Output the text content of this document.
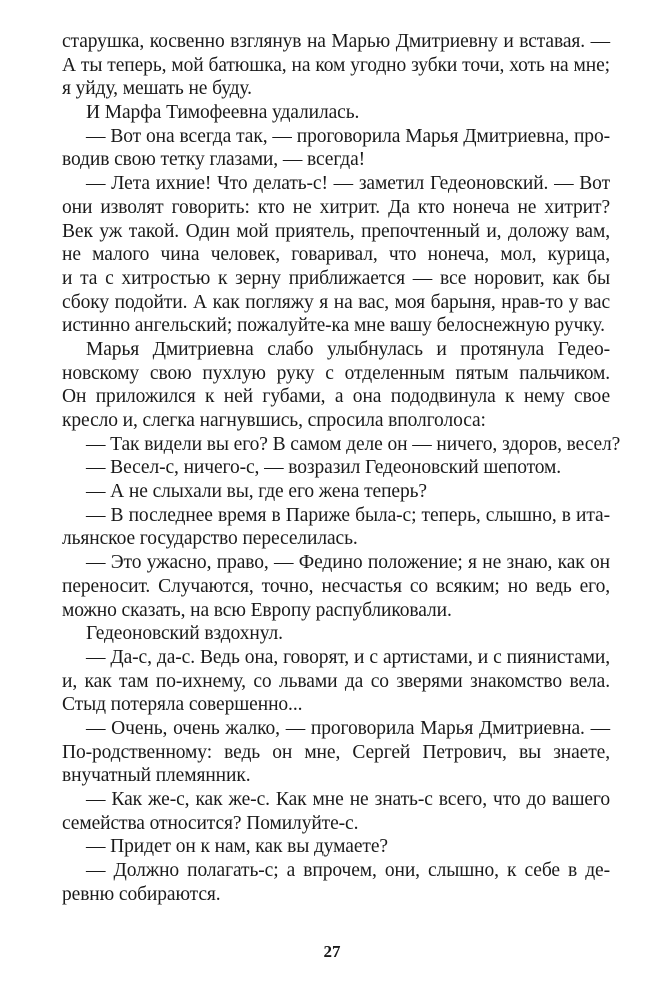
старушка, косвенно взглянув на Марью Дмитриевну и вставая. —
А ты теперь, мой батюшка, на ком угодно зубки точи, хоть на мне;
я уйду, мешать не буду.
И Марфа Тимофеевна удалилась.
— Вот она всегда так, — проговорила Марья Дмитриевна, про-
водив свою тетку глазами, — всегда!
— Лета ихние! Что делать-с! — заметил Гедеоновский. — Вот
они изволят говорить: кто не хитрит. Да кто нонеча не хитрит?
Век уж такой. Один мой приятель, препочтенный и, доложу вам,
не малого чина человек, говаривал, что нонеча, мол, курица,
и та с хитростью к зерну приближается — все норовит, как бы
сбоку подойти. А как погляжу я на вас, моя барыня, нрав-то у вас
истинно ангельский; пожалуйте-ка мне вашу белоснежную ручку.
Марья Дмитриевна слабо улыбнулась и протянула Гедео-
новскому свою пухлую руку с отделенным пятым пальчиком.
Он приложился к ней губами, а она пододвинула к нему свое
кресло и, слегка нагнувшись, спросила вполголоса:
— Так видели вы его? В самом деле он — ничего, здоров, весел?
— Весел-с, ничего-с, — возразил Гедеоновский шепотом.
— А не слыхали вы, где его жена теперь?
— В последнее время в Париже была-с; теперь, слышно, в ита-
льянское государство переселилась.
— Это ужасно, право, — Федино положение; я не знаю, как он
переносит. Случаются, точно, несчастья со всяким; но ведь его,
можно сказать, на всю Европу распубликовали.
Гедеоновский вздохнул.
— Да-с, да-с. Ведь она, говорят, и с артистами, и с пиянистами,
и, как там по-ихнему, со львами да со зверями знакомство вела.
Стыд потеряла совершенно...
— Очень, очень жалко, — проговорила Марья Дмитриевна. —
По-родственному: ведь он мне, Сергей Петрович, вы знаете,
внучатный племянник.
— Как же-с, как же-с. Как мне не знать-с всего, что до вашего
семейства относится? Помилуйте-с.
— Придет он к нам, как вы думаете?
— Должно полагать-с; а впрочем, они, слышно, к себе в де-
ревню собираются.
27
